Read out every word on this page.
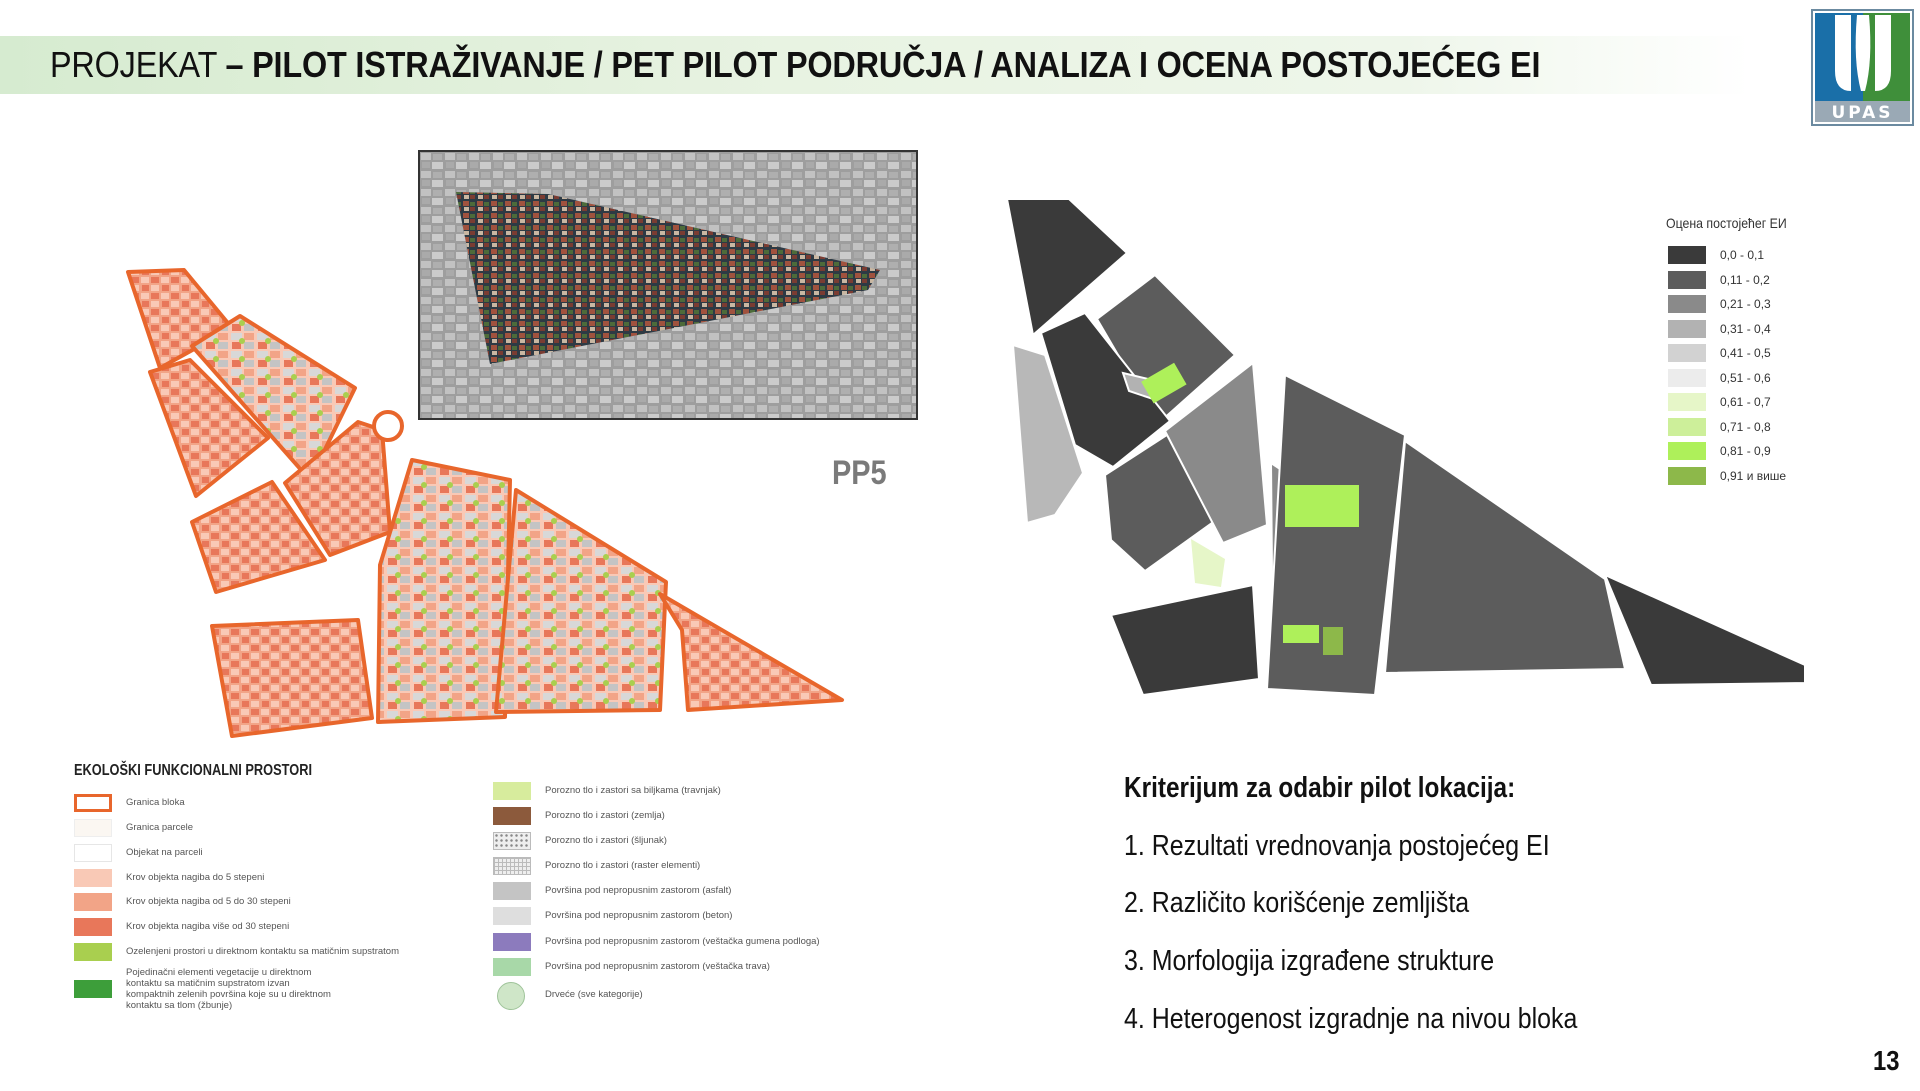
PROJEKAT – PILOT ISTRAŽIVANJE / PET PILOT PODRUČJA / ANALIZA I OCENA POSTOJEĆEG EI
UPAS
PP5
Оцена постојећег ЕИ
0,0 - 0,1
0,11 - 0,2
0,21 - 0,3
0,31 - 0,4
0,41 - 0,5
0,51 - 0,6
0,61 - 0,7
0,71 - 0,8
0,81 - 0,9
0,91 и више
EKOLOŠKI FUNKCIONALNI PROSTORI
Granica bloka
Granica parcele
Objekat na parceli
Krov objekta nagiba do 5 stepeni
Krov objekta nagiba od 5 do 30 stepeni
Krov objekta nagiba više od 30 stepeni
Ozelenjeni prostori u direktnom kontaktu sa matičnim supstratom
Pojedinačni elementi vegetacije u direktnom kontaktu sa matičnim supstratom izvan kompaktnih zelenih površina koje su u direktnom kontaktu sa tlom (žbunje)
Porozno tlo i zastori sa biljkama (travnjak)
Porozno tlo i zastori (zemlja)
Porozno tlo i zastori (šljunak)
Porozno tlo i zastori (raster elementi)
Površina pod nepropusnim zastorom (asfalt)
Površina pod nepropusnim zastorom (beton)
Površina pod nepropusnim zastorom (veštačka gumena podloga)
Površina pod nepropusnim zastorom (veštačka trava)
Drveće (sve kategorije)
Kriterijum za odabir pilot lokacija:
1. Rezultati vrednovanja postojećeg EI
2. Različito korišćenje zemljišta
3. Morfologija izgrađene strukture
4. Heterogenost izgradnje na nivou bloka
13
